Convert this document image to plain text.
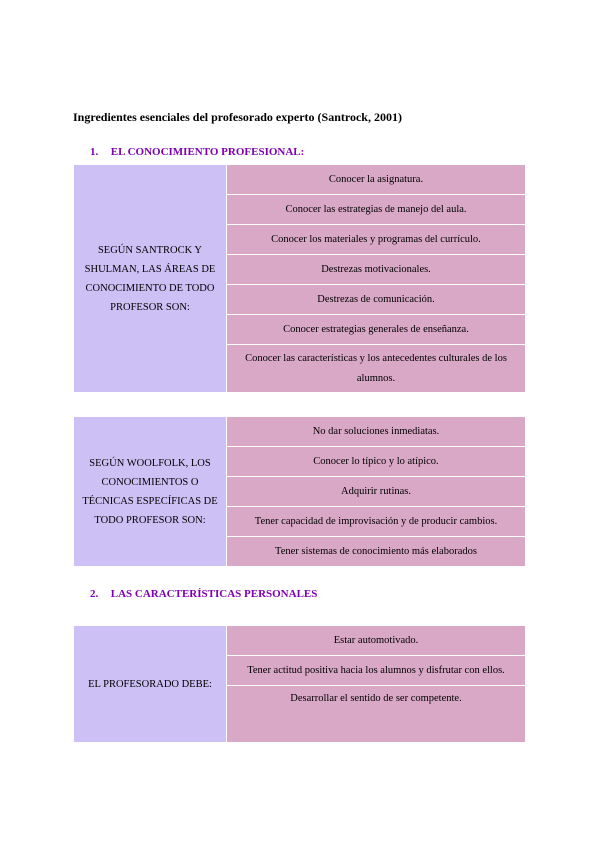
Ingredientes esenciales del profesorado experto (Santrock, 2001)
1. EL CONOCIMIENTO PROFESIONAL:
SEGÚN SANTROCK Y SHULMAN, LAS ÁREAS DE CONOCIMIENTO DE TODO PROFESOR SON:	Conocer la asignatura.
Conocer las estrategias de manejo del aula.
Conocer los materiales y programas del currículo.
Destrezas motivacionales.
Destrezas de comunicación.
Conocer estrategias generales de enseñanza.
Conocer las características y los antecedentes culturales de los alumnos.
SEGÚN WOOLFOLK, LOS CONOCIMIENTOS O TÉCNICAS ESPECÍFICAS DE TODO PROFESOR SON:	No dar soluciones inmediatas.
Conocer lo típico y lo atípico.
Adquirir rutinas.
Tener capacidad de improvisación y de producir cambios.
Tener sistemas de conocimiento más elaborados
2. LAS CARACTERÍSTICAS PERSONALES
EL PROFESORADO DEBE:	Estar automotivado.
Tener actitud positiva hacia los alumnos y disfrutar con ellos.
Desarrollar el sentido de ser competente.
